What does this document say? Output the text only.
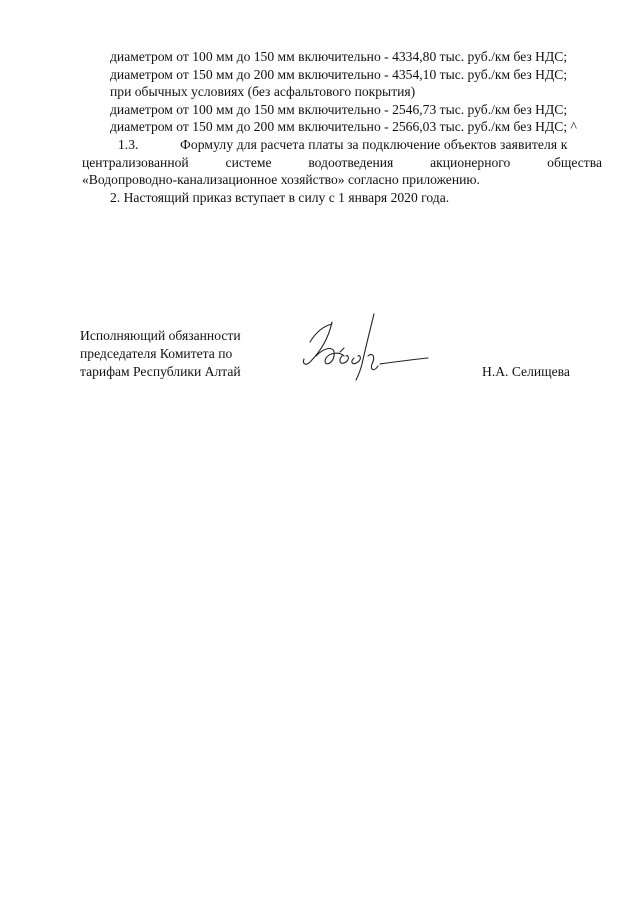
диаметром от 100 мм до 150 мм включительно - 4334,80 тыс. руб./км без НДС;

диаметром от 150 мм до 200 мм включительно - 4354,10 тыс. руб./км без НДС;

при обычных условиях (без асфальтового покрытия)

диаметром от 100 мм до 150 мм включительно - 2546,73 тыс. руб./км без НДС;

диаметром от 150 мм до 200 мм включительно - 2566,03 тыс. руб./км без НДС; ^

1.3.	Формулу для расчета платы за подключение объектов заявителя к

централизованной	системе	водоотведения	акционерного	общества

«Водопроводно-канализационное хозяйство» согласно приложению.

2. Настоящий приказ вступает в силу с 1 января 2020 года.

Исполняющий обязанности

председателя Комитета по

тарифам Республики Алтай	Н.А. Селищева
